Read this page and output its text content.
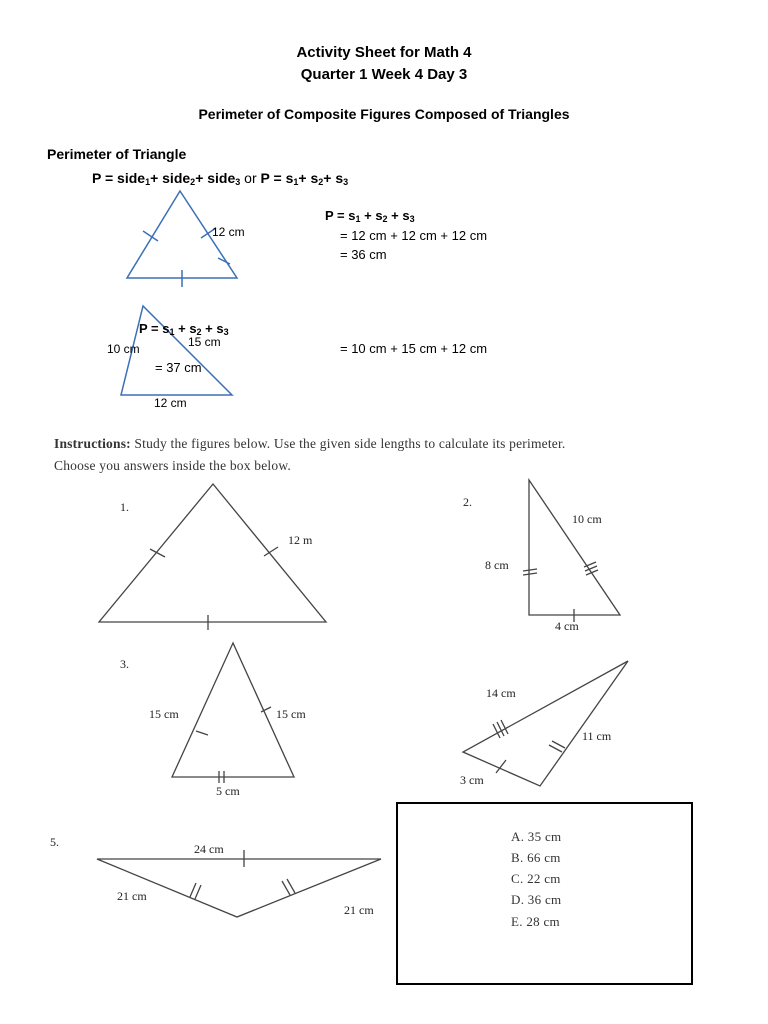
Activity Sheet for Math 4
Quarter 1 Week 4 Day 3
Perimeter of Composite Figures Composed of Triangles
Perimeter of Triangle
P = side$_1$+ side$_2$+ side$_3$ or $P = s_1+ s_2+ s_3$
12 cm
$P = s_1 + s_2 + s_3$
= 12 cm + 12 cm + 12 cm
= 36 cm
$P = s_1 + s_2 + s_3$
10 cm	15 cm
= 37 cm
12 cm
= 10 cm + 15 cm + 12 cm
Instructions: Study the figures below. Use the given side lengths to calculate its perimeter.
Choose you answers inside the box below.
1.
12 m
2.
10 cm
8 cm
4 cm
3.
15 cm	15 cm
5 cm
14 cm
11 cm
3 cm
5.	24 cm
21 cm
21 cm
A. 35 cm
B. 66 cm
C. 22 cm
D. 36 cm
E. 28 cm
